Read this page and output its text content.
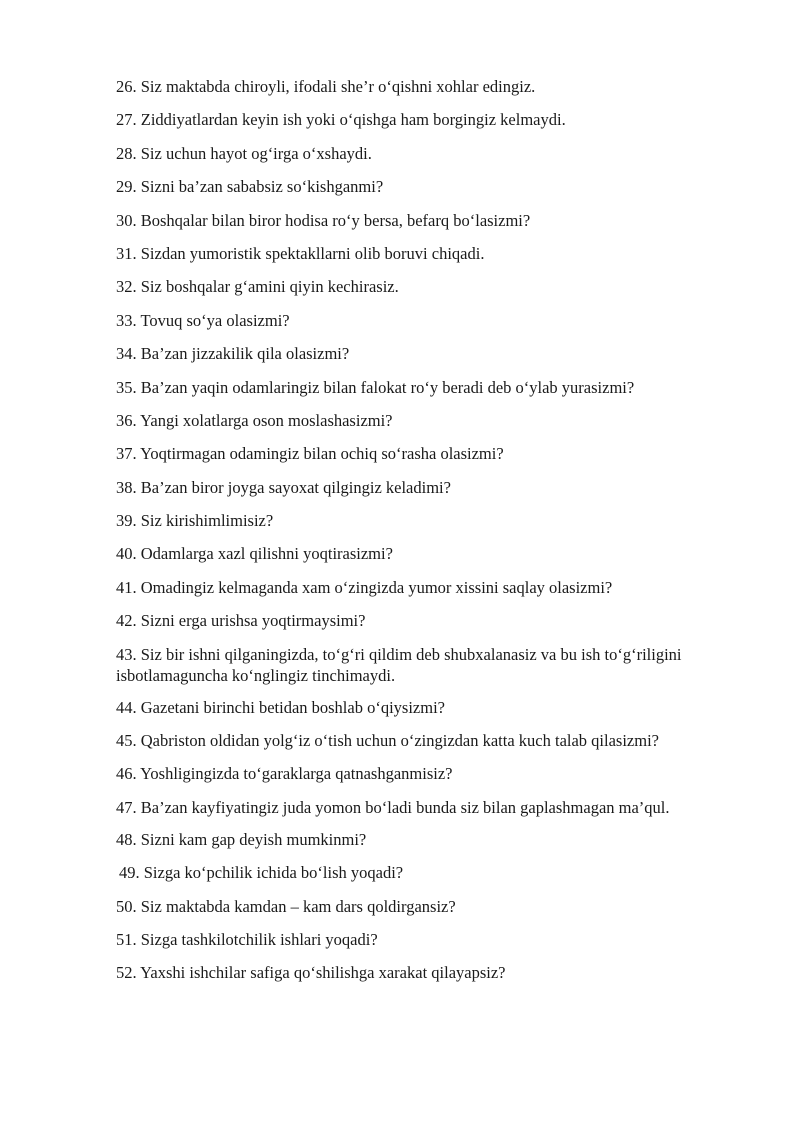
26. Siz maktabda chiroyli, ifodali she’r o‘qishni xohlar edingiz.

27. Ziddiyatlardan keyin ish yoki o‘qishga ham borgingiz kelmaydi.

28. Siz uchun hayot og‘irga o‘xshaydi.

29. Sizni ba’zan sababsiz so‘kishganmi?

30. Boshqalar bilan biror hodisa ro‘y bersa, befarq bo‘lasizmi?

31. Sizdan yumoristik spektakllarni olib boruvi chiqadi.

32. Siz boshqalar g‘amini qiyin kechirasiz.

33. Tovuq so‘ya olasizmi?

34. Ba’zan jizzakilik qila olasizmi?

35. Ba’zan yaqin odamlaringiz bilan falokat ro‘y beradi deb o‘ylab yurasizmi?

36. Yangi xolatlarga oson moslashasizmi?

37. Yoqtirmagan odamingiz bilan ochiq so‘rasha olasizmi?

38. Ba’zan biror joyga sayoxat qilgingiz keladimi?

39. Siz kirishimlimisiz?

40. Odamlarga xazl qilishni yoqtirasizmi?

41. Omadingiz kelmaganda xam o‘zingizda yumor xissini saqlay olasizmi?

42. Sizni erga urishsa yoqtirmaysimi?

43. Siz bir ishni qilganingizda, to‘g‘ri qildim deb shubxalanasiz va bu ish to‘g‘riligini isbotlamaguncha ko‘nglingiz tinchimaydi.

44. Gazetani birinchi betidan boshlab o‘qiysizmi?

45. Qabriston oldidan yolg‘iz o‘tish uchun o‘zingizdan katta kuch talab qilasizmi?

46. Yoshligingizda to‘garaklarga qatnashganmisiz?

47. Ba’zan kayfiyatingiz juda yomon bo‘ladi bunda siz bilan gaplashmagan ma’qul.

48. Sizni kam gap deyish mumkinmi?

49. Sizga ko‘pchilik ichida bo‘lish yoqadi?

50. Siz maktabda kamdan – kam dars qoldirgansiz?

51. Sizga tashkilotchilik ishlari yoqadi?

52. Yaxshi ishchilar safiga qo‘shilishga xarakat qilayapsiz?
